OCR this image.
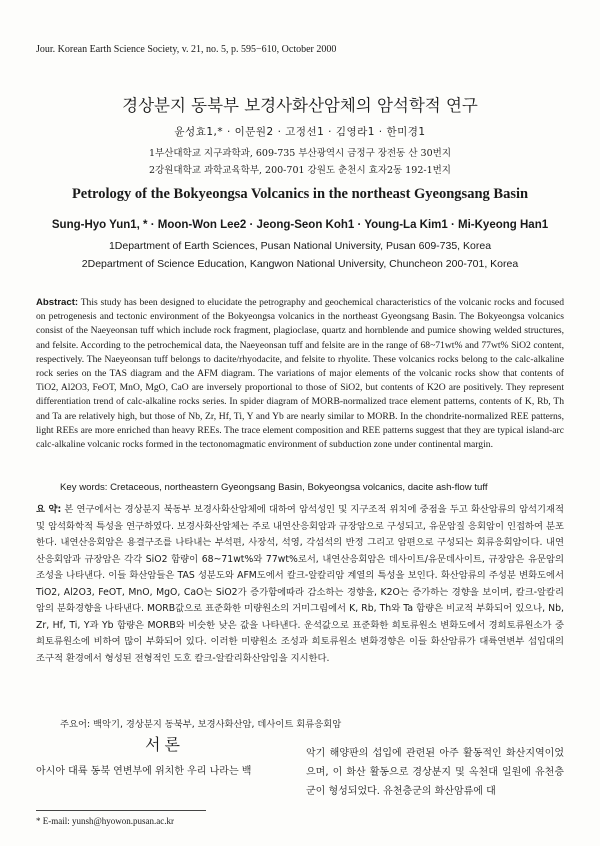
Jour. Korean Earth Science Society, v. 21, no. 5, p. 595−610, October 2000
경상분지 동북부 보경사화산암체의 암석학적 연구
윤성효1,* · 이문원2 · 고정선1 · 김영라1 · 한미경1
1부산대학교 지구과학과, 609-735 부산광역시 금정구 장전동 산 30번지
2강원대학교 과학교육학부, 200-701 강원도 춘천시 효자2동 192-1번지
Petrology of the Bokyeongsa Volcanics in the northeast Gyeongsang Basin
Sung-Hyo Yun1, * · Moon-Won Lee2 · Jeong-Seon Koh1 · Young-La Kim1 · Mi-Kyeong Han1
1Department of Earth Sciences, Pusan National University, Pusan 609-735, Korea
2Department of Science Education, Kangwon National University, Chuncheon 200-701, Korea
Abstract: This study has been designed to elucidate the petrography and geochemical characteristics of the volcanic rocks and focused on petrogenesis and tectonic environment of the Bokyeongsa volcanics in the northeast Gyeongsang Basin. The Bokyeongsa volcanics consist of the Naeyeonsan tuff which include rock fragment, plagioclase, quartz and hornblende and pumice showing welded structures, and felsite. According to the petrochemical data, the Naeyeonsan tuff and felsite are in the range of 68~71wt% and 77wt% SiO2 content, respectively. The Naeyeonsan tuff belongs to dacite/rhyodacite, and felsite to rhyolite. These volcanics rocks belong to the calc-alkaline rock series on the TAS diagram and the AFM diagram. The variations of major elements of the volcanic rocks show that contents of TiO2, Al2O3, FeOT, MnO, MgO, CaO are inversely proportional to those of SiO2, but contents of K2O are positively. They represent differentiation trend of calc-alkaline rocks series. In spider diagram of MORB-normalized trace element patterns, contents of K, Rb, Th and Ta are relatively high, but those of Nb, Zr, Hf, Ti, Y and Yb are nearly similar to MORB. In the chondrite-normalized REE patterns, light REEs are more enriched than heavy REEs. The trace element composition and REE patterns suggest that they are typical island-arc calc-alkaline volcanic rocks formed in the tectonomagmatic environment of subduction zone under continental margin.
Key words: Cretaceous, northeastern Gyeongsang Basin, Bokyeongsa volcanics, dacite ash-flow tuff
요 약: 본 연구에서는 경상분지 북동부 보경사화산암체에 대하여 암석성인 및 지구조적 위치에 중점을 두고 화산암류의 암석기재적 및 암석화학적 특성을 연구하였다. 보경사화산암체는 주로 내연산응회암과 규장암으로 구성되고, 유문암질 응회암이 인접하여 분포한다. 내연산응회암은 용결구조를 나타내는 부석편, 사장석, 석영, 각섬석의 반정 그리고 암편으로 구성되는 회류응회암이다. 내연산응회암과 규장암은 각각 SiO2 함량이 68~71wt%와 77wt%로서, 내연산응회암은 데사이트/유문데사이트, 규장암은 유문암의 조성을 나타낸다. 이들 화산암들은 TAS 성분도와 AFM도에서 칼크-알칼리암 계열의 특성을 보인다. 화산암류의 주성분 변화도에서 TiO2, Al2O3, FeOT, MnO, MgO, CaO는 SiO2가 증가함에따라 감소하는 경향을, K2O는 증가하는 경향을 보이며, 칼크-알칼리암의 분화경향을 나타낸다. MORB값으로 표준화한 미량원소의 거미그림에서 K, Rb, Th와 Ta 함량은 비교적 부화되어 있으나, Nb, Zr, Hf, Ti, Y과 Yb 함량은 MORB와 비슷한 낮은 값을 나타낸다. 운석값으로 표준화한 희토류원소 변화도에서 경희토류원소가 중희토류원소에 비하여 많이 부화되어 있다. 이러한 미량원소 조성과 희토류원소 변화경향은 이들 화산암류가 대륙연변부 섭입대의 조구적 환경에서 형성된 전형적인 도호 칼크-알칼리화산암임을 지시한다.
주요어: 백악기, 경상분지 동북부, 보경사화산암, 데사이트 회류응회암
서론
아시아 대륙 동북 연변부에 위치한 우리 나라는 백
악기 해양판의 섭입에 관련된 아주 활동적인 화산지역이었으며, 이 화산 활동으로 경상분지 및 옥천대 일원에 유천층군이 형성되었다. 유천층군의 화산암류에 대
* E-mail: yunsh@hyowon.pusan.ac.kr
